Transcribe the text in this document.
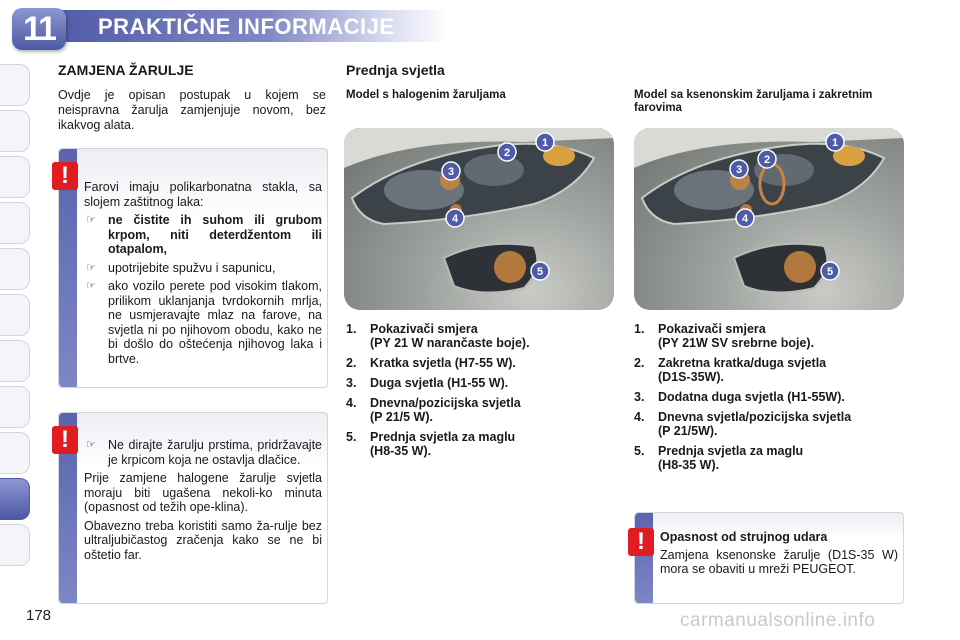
11	PRAKTIČNE INFORMACIJE
178
ZAMJENA ŽARULJE
Ovdje je opisan postupak u kojem se neispravna žarulja zamjenjuje novom, bez ikakvog alata.
!	Farovi imaju polikarbonatna stakla, sa slojem zaštitnog laka:
☞ ne čistite ih suhom ili grubom krpom, niti deterdžentom ili otapalom,
☞ upotrijebite spužvu i sapunicu,
☞ ako vozilo perete pod visokim tlakom, prilikom uklanjanja tvrdokornih mrlja, ne usmjeravajte mlaz na farove, na svjetla ni po njihovom obodu, kako ne bi došlo do oštećenja njihovog laka i brtve.
!	☞ Ne dirajte žarulju prstima, pridržavajte je krpicom koja ne ostavlja dlačice.
Prije zamjene halogene žarulje svjetla moraju biti ugašena nekoli-ko minuta (opasnost od težih ope-klina).
Obavezno treba koristiti samo ža-rulje bez ultraljubičastog zračenja kako se ne bi oštetio far.
Prednja svjetla
Model s halogenim žaruljama	Model sa ksenonskim žaruljama i zakretnim farovima
1
2
3
4
5
1
2
3
4
5
1. Pokazivači smjera
(PY 21 W narančaste boje).
2. Kratka svjetla (H7-55 W).
3. Duga svjetla (H1-55 W).
4. Dnevna/pozicijska svjetla
(P 21/5 W).
5. Prednja svjetla za maglu
(H8-35 W).
1. Pokazivači smjera
(PY 21W SV srebrne boje).
2. Zakretna kratka/duga svjetla
(D1S-35W).
3. Dodatna duga svjetla (H1-55W).
4. Dnevna svjetla/pozicijska svjetla
(P 21/5W).
5. Prednja svjetla za maglu
(H8-35 W).
!	Opasnost od strujnog udara
Zamjena ksenonske žarulje (D1S-35 W) mora se obaviti u mreži PEUGEOT.
carmanualsonline.info
